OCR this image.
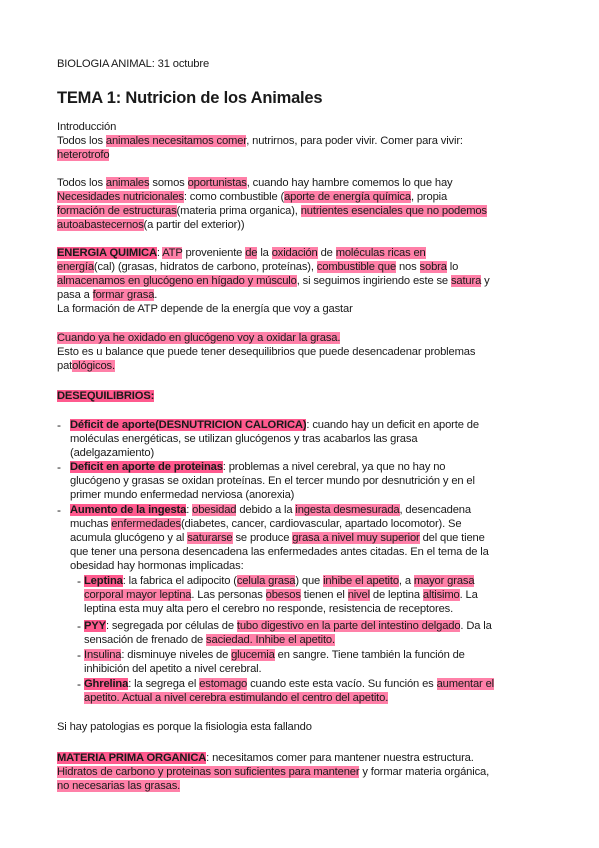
BIOLOGIA ANIMAL: 31 octubre
TEMA 1: Nutricion de los Animales
Introducción
Todos los animales necesitamos comer, nutrirnos, para poder vivir. Comer para vivir:
heterotrofo
Todos los animales somos oportunistas, cuando hay hambre comemos lo que hay
Necesidades nutricionales: como combustible (aporte de energía química, propia
formación de estructuras(materia prima organica), nutrientes esenciales que no podemos
autoabastecernos(a partir del exterior))
ENERGIA QUIMICA: ATP proveniente de la oxidación de moléculas ricas en
energía(cal) (grasas, hidratos de carbono, proteínas), combustible que nos sobra lo
almacenamos en glucógeno en hígado y músculo, si seguimos ingiriendo este se satura y
pasa a formar grasa.
La formación de ATP depende de la energía que voy a gastar
Cuando ya he oxidado en glucógeno voy a oxidar la grasa.
Esto es u balance que puede tener desequilibrios que puede desencadenar problemas
patológicos.
DESEQUILIBRIOS:
- Déficit de aporte(DESNUTRICION CALORICA): cuando hay un deficit en aporte de
moléculas energéticas, se utilizan glucógenos y tras acabarlos las grasa
(adelgazamiento)
- Deficit en aporte de proteinas: problemas a nivel cerebral, ya que no hay no
glucógeno y grasas se oxidan proteínas. En el tercer mundo por desnutrición y en el
primer mundo enfermedad nerviosa (anorexia)
- Aumento de la ingesta: obesidad debido a la ingesta desmesurada, desencadena
muchas enfermedades(diabetes, cancer, cardiovascular, apartado locomotor). Se
acumula glucógeno y al saturarse se produce grasa a nivel muy superior del que tiene
que tener una persona desencadena las enfermedades antes citadas. En el tema de la
obesidad hay hormonas implicadas:
- Leptina: la fabrica el adipocito (celula grasa) que inhibe el apetito, a mayor grasa
corporal mayor leptina. Las personas obesos tienen el nivel de leptina altisimo. La
leptina esta muy alta pero el cerebro no responde, resistencia de receptores.
- PYY: segregada por células de tubo digestivo en la parte del intestino delgado. Da la
sensación de frenado de saciedad. Inhibe el apetito.
- Insulina: disminuye niveles de glucemia en sangre. Tiene también la función de
inhibición del apetito a nivel cerebral.
- Ghrelina: la segrega el estomago cuando este esta vacío. Su función es aumentar el
apetito. Actual a nivel cerebra estimulando el centro del apetito.
Si hay patologias es porque la fisiologia esta fallando
MATERIA PRIMA ORGANICA: necesitamos comer para mantener nuestra estructura.
Hidratos de carbono y proteinas son suficientes para mantener y formar materia orgánica,
no necesarias las grasas.
